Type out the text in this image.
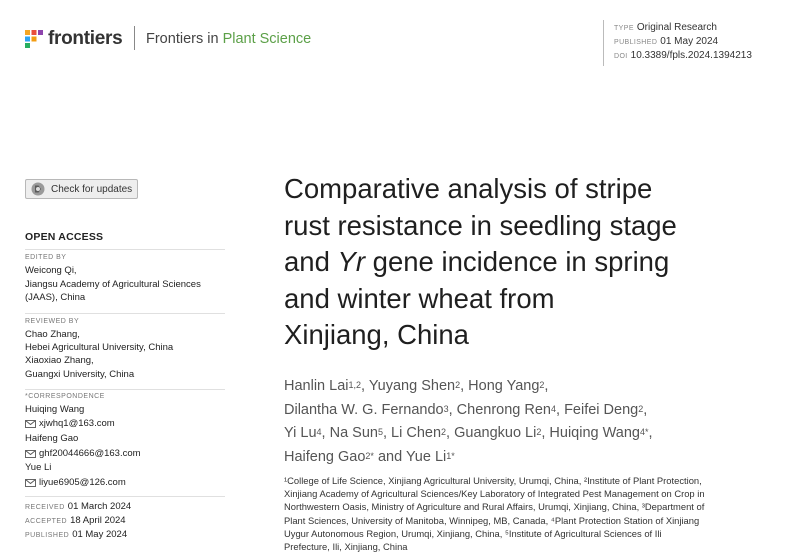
frontiers Frontiers in Plant Science
TYPE Original Research
PUBLISHED 01 May 2024
DOI 10.3389/fpls.2024.1394213
Check for updates
OPEN ACCESS
EDITED BY
Weicong Qi,
Jiangsu Academy of Agricultural Sciences
(JAAS), China
REVIEWED BY
Chao Zhang,
Hebei Agricultural University, China
Xiaoxiao Zhang,
Guangxi University, China
*CORRESPONDENCE
Huiqing Wang
xjwhq1@163.com
Haifeng Gao
ghf20044666@163.com
Yue Li
liyue6905@126.com
RECEIVED 01 March 2024
ACCEPTED 18 April 2024
PUBLISHED 01 May 2024
Comparative analysis of stripe
rust resistance in seedling stage
and Yr gene incidence in spring
and winter wheat from
Xinjiang, China
Hanlin Lai$^{1,2}$, Yuyang Shen$^2$, Hong Yang$^2$,
Dilantha W. G. Fernando$^3$, Chenrong Ren$^4$, Feifei Deng$^2$,
Yi Lu$^4$, Na Sun$^5$, Li Chen$^2$, Guangkuo Li$^2$, Huiqing Wang$^{4*}$,
Haifeng Gao$^{2*}$ and Yue $Li^{1*}$
¹College of Life Science, Xinjiang Agricultural University, Urumqi, China, ²Institute of Plant Protection,
Xinjiang Academy of Agricultural Sciences/Key Laboratory of Integrated Pest Management on Crop in
Northwestern Oasis, Ministry of Agriculture and Rural Affairs, Urumqi, Xinjiang, China, ³Department of
Plant Sciences, University of Manitoba, Winnipeg, MB, Canada, ⁴Plant Protection Station of Xinjiang
Uygur Autonomous Region, Urumqi, Xinjiang, China, ⁵Institute of Agricultural Sciences of Ili
Prefecture, Ili, Xinjiang, China
